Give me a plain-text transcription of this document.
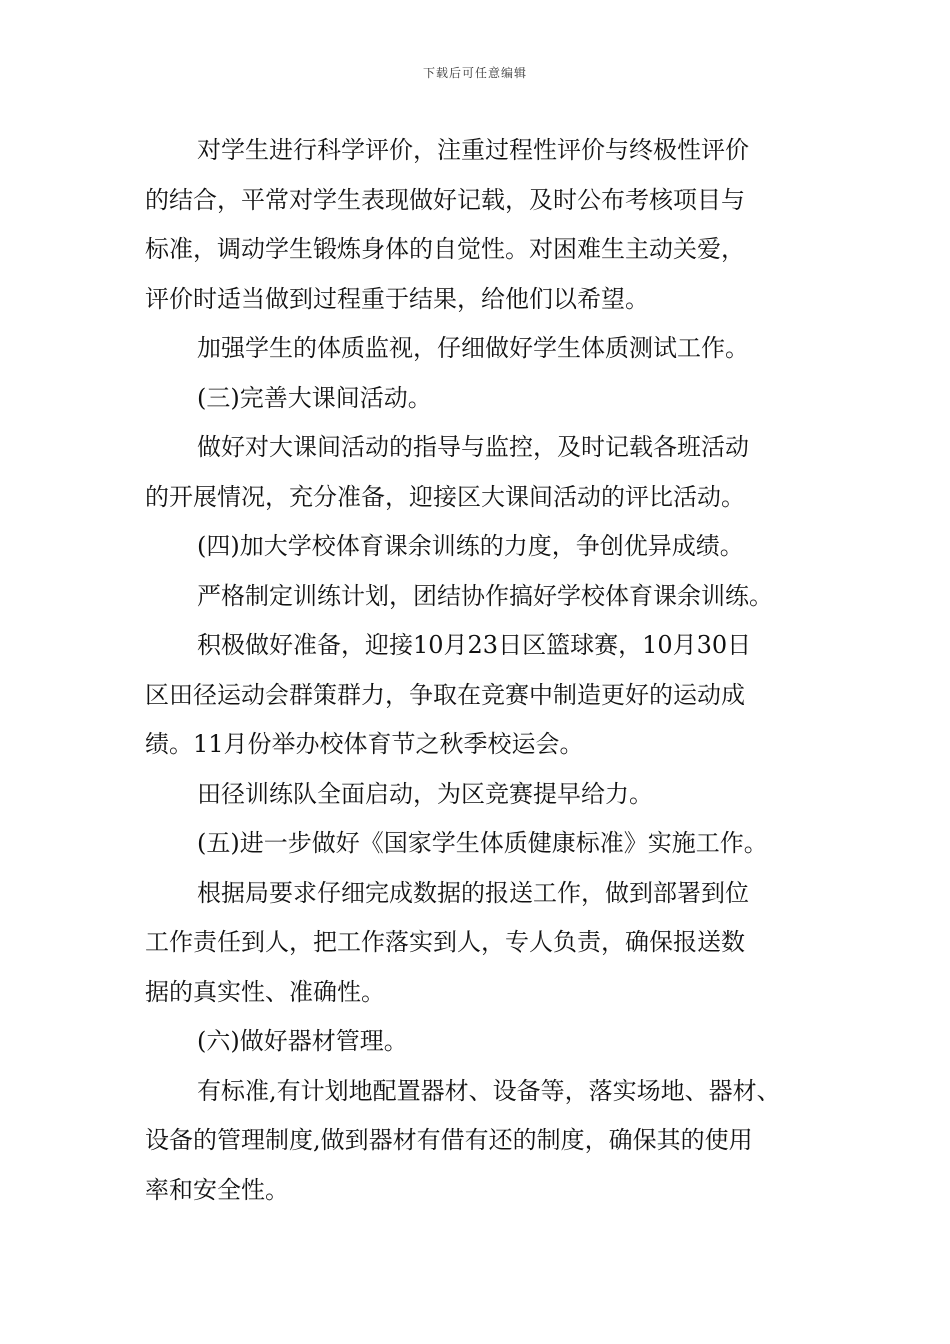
下载后可任意编辑
对学生进行科学评价，注重过程性评价与终极性评价
的结合，平常对学生表现做好记载，及时公布考核项目与
标准，调动学生锻炼身体的自觉性。对困难生主动关爱，
评价时适当做到过程重于结果，给他们以希望。
加强学生的体质监视，仔细做好学生体质测试工作。
(三)完善大课间活动。
做好对大课间活动的指导与监控，及时记载各班活动
的开展情况，充分准备，迎接区大课间活动的评比活动。
(四)加大学校体育课余训练的力度，争创优异成绩。
严格制定训练计划，团结协作搞好学校体育课余训练。
积极做好准备，迎接10月23日区篮球赛，10月30日
区田径运动会群策群力，争取在竞赛中制造更好的运动成
绩。11月份举办校体育节之秋季校运会。
田径训练队全面启动，为区竞赛提早给力。
(五)进一步做好《国家学生体质健康标准》实施工作。
根据局要求仔细完成数据的报送工作，做到部署到位
工作责任到人，把工作落实到人，专人负责，确保报送数
据的真实性、准确性。
(六)做好器材管理。
有标准,有计划地配置器材、设备等，落实场地、器材、
设备的管理制度,做到器材有借有还的制度，确保其的使用
率和安全性。
